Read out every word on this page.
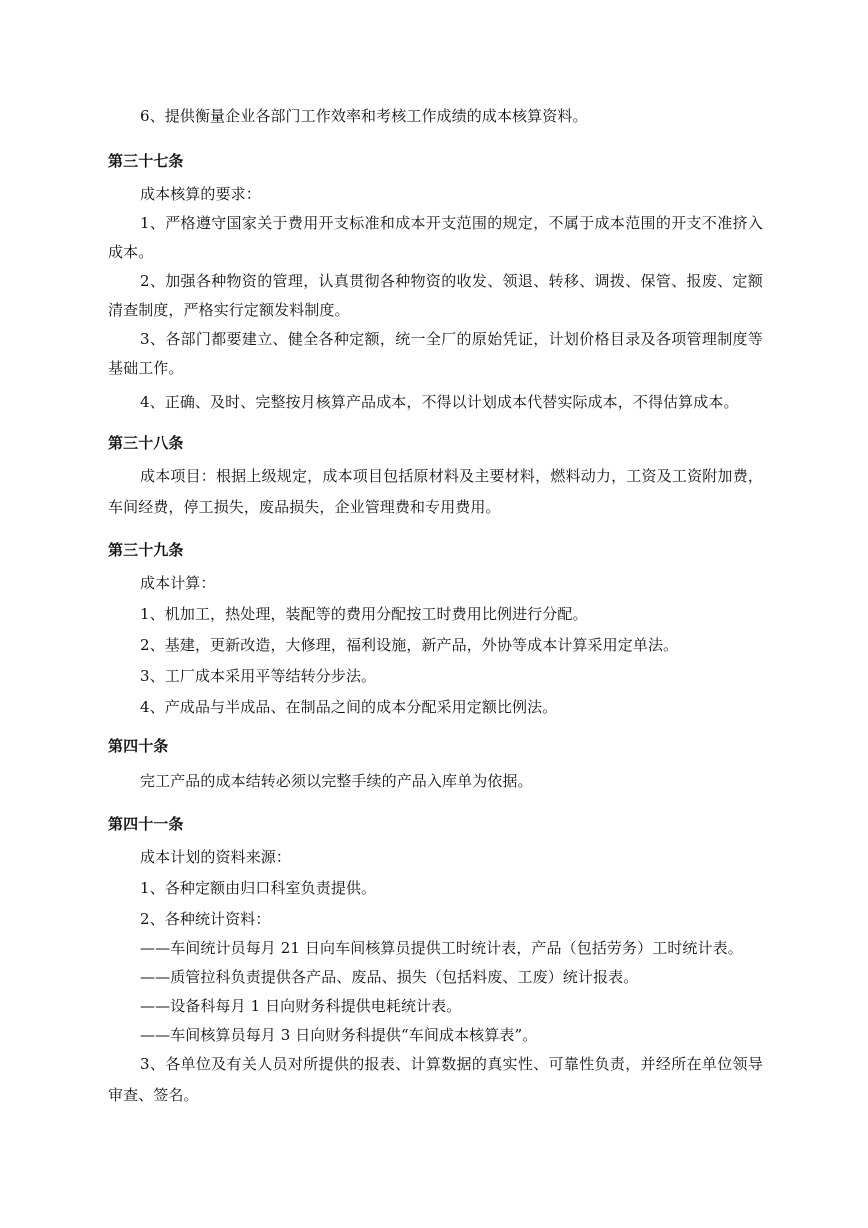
6、提供衡量企业各部门工作效率和考核工作成绩的成本核算资料。
第三十七条
成本核算的要求：
1、严格遵守国家关于费用开支标准和成本开支范围的规定，不属于成本范围的开支不准挤入
成本。
2、加强各种物资的管理，认真贯彻各种物资的收发、领退、转移、调拨、保管、报废、定额
清查制度，严格实行定额发料制度。
3、各部门都要建立、健全各种定额，统一全厂的原始凭证，计划价格目录及各项管理制度等
基础工作。
4、正确、及时、完整按月核算产品成本，不得以计划成本代替实际成本，不得估算成本。
第三十八条
成本项目：根据上级规定，成本项目包括原材料及主要材料，燃料动力，工资及工资附加费，
车间经费，停工损失，废品损失，企业管理费和专用费用。
第三十九条
成本计算：
1、机加工，热处理，装配等的费用分配按工时费用比例进行分配。
2、基建，更新改造，大修理，福利设施，新产品，外协等成本计算采用定单法。
3、工厂成本采用平等结转分步法。
4、产成品与半成品、在制品之间的成本分配采用定额比例法。
第四十条
完工产品的成本结转必须以完整手续的产品入库单为依据。
第四十一条
成本计划的资料来源：
1、各种定额由归口科室负责提供。
2、各种统计资料：
——车间统计员每月 21 日向车间核算员提供工时统计表，产品（包括劳务）工时统计表。
——质管拉科负责提供各产品、废品、损失（包括料废、工废）统计报表。
——设备科每月 1 日向财务科提供电耗统计表。
——车间核算员每月 3 日向财务科提供“车间成本核算表”。
3、各单位及有关人员对所提供的报表、计算数据的真实性、可靠性负责，并经所在单位领导
审查、签名。
